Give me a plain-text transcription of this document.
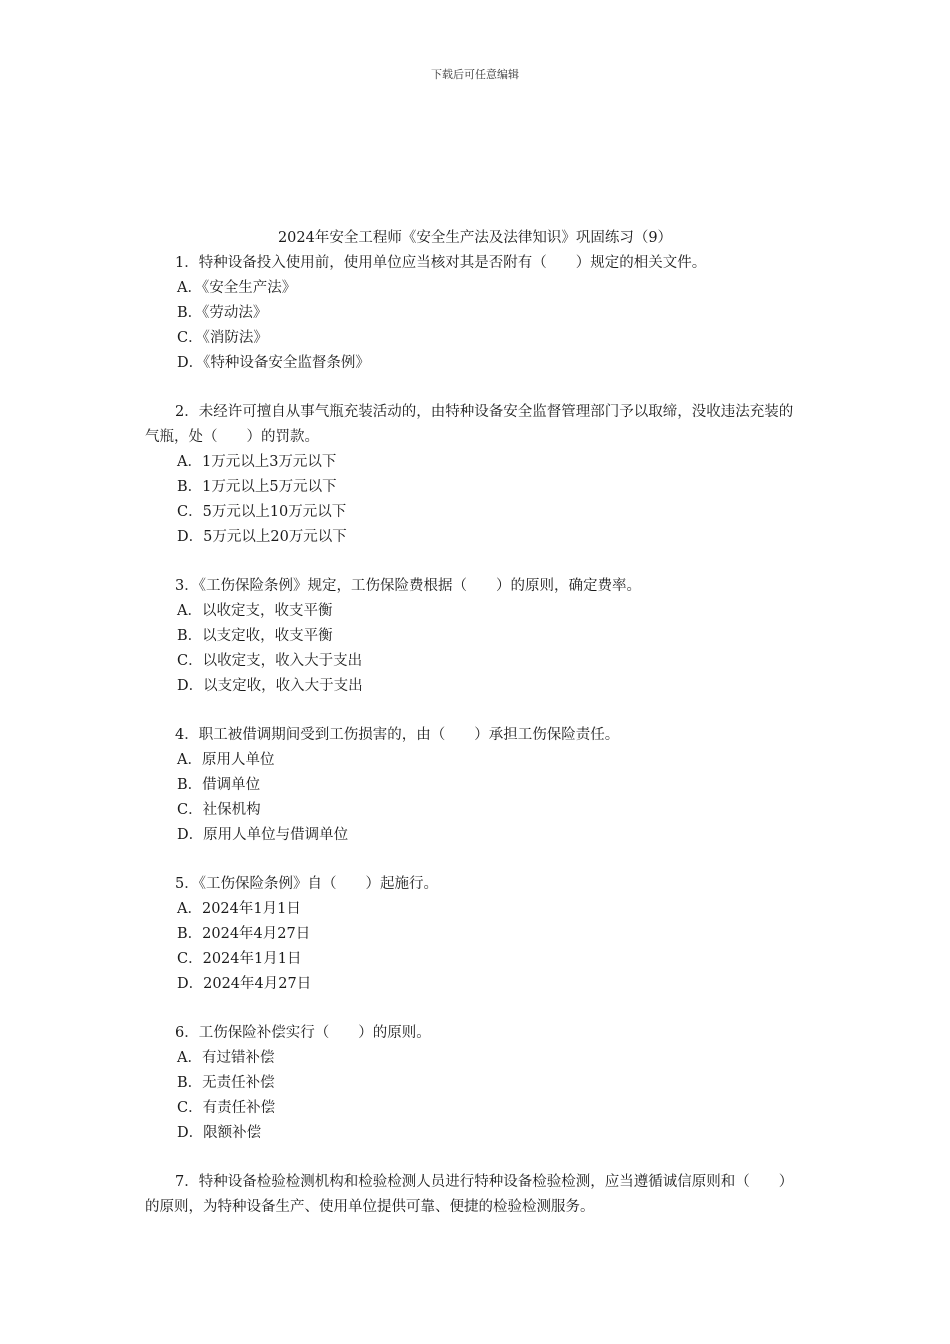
下载后可任意编辑

2024年安全工程师《安全生产法及法律知识》巩固练习（9）

1．特种设备投入使用前，使用单位应当核对其是否附有（　　）规定的相关文件。

A．《安全生产法》

B．《劳动法》

C．《消防法》

D．《特种设备安全监督条例》

2．未经许可擅自从事气瓶充装活动的，由特种设备安全监督管理部门予以取缔，没收违法充装的气瓶，处（　　）的罚款。

A．1万元以上3万元以下

B．1万元以上5万元以下

C．5万元以上10万元以下

D．5万元以上20万元以下

3．《工伤保险条例》规定，工伤保险费根据（　　）的原则，确定费率。

A．以收定支，收支平衡

B．以支定收，收支平衡

C．以收定支，收入大于支出

D．以支定收，收入大于支出

4．职工被借调期间受到工伤损害的，由（　　）承担工伤保险责任。

A．原用人单位

B．借调单位

C．社保机构

D．原用人单位与借调单位

5．《工伤保险条例》自（　　）起施行。

A．2024年1月1日

B．2024年4月27日

C．2024年1月1日

D．2024年4月27日

6．工伤保险补偿实行（　　）的原则。

A．有过错补偿

B．无责任补偿

C．有责任补偿

D．限额补偿

7．特种设备检验检测机构和检验检测人员进行特种设备检验检测，应当遵循诚信原则和（　　）的原则，为特种设备生产、使用单位提供可靠、便捷的检验检测服务。
